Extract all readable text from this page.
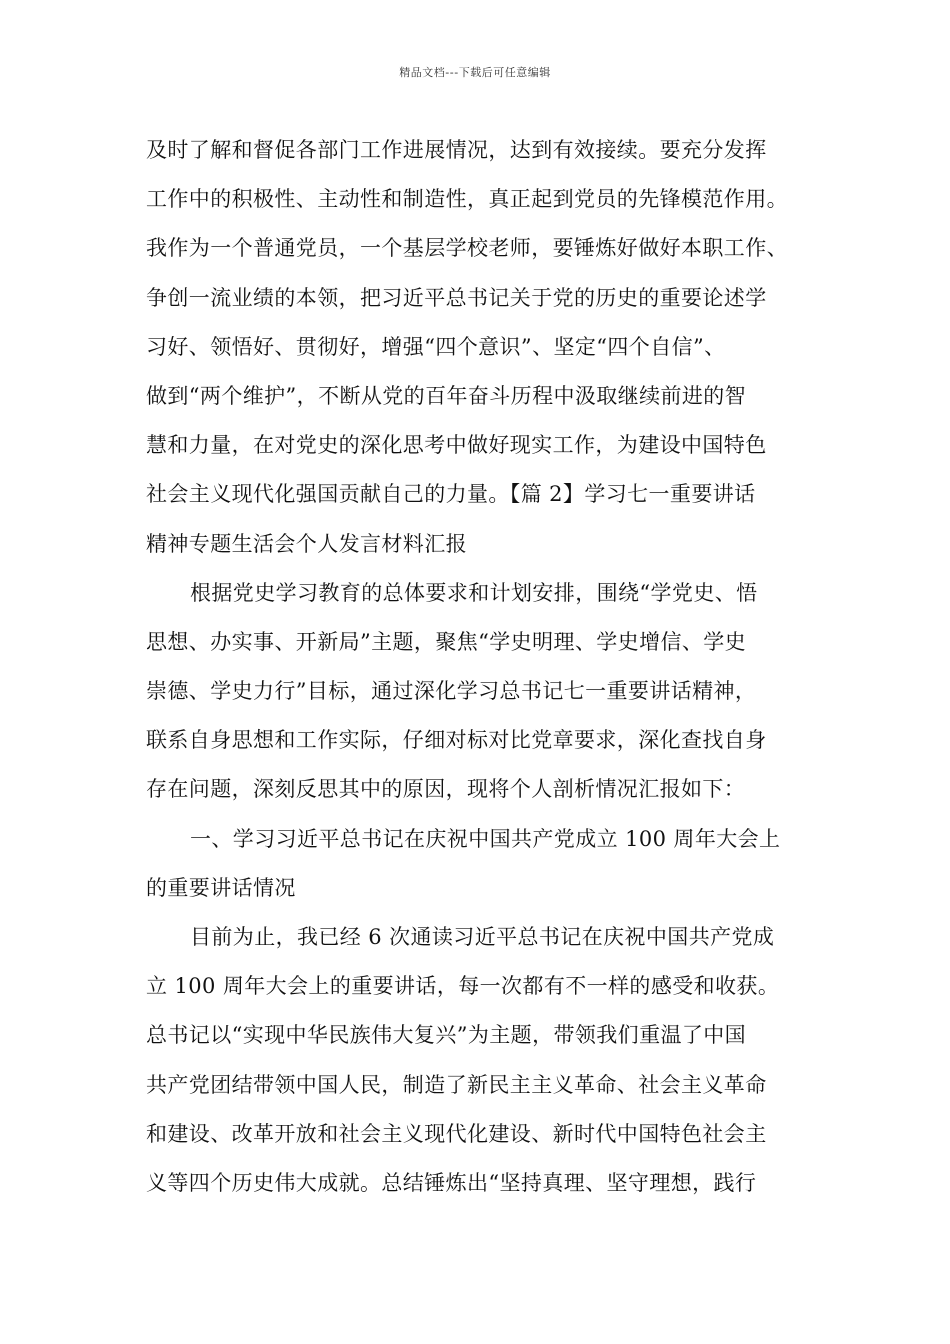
精品文档---下载后可任意编辑
及时了解和督促各部门工作进展情况，达到有效接续。要充分发挥
工作中的积极性、主动性和制造性，真正起到党员的先锋模范作用。
我作为一个普通党员，一个基层学校老师，要锤炼好做好本职工作、
争创一流业绩的本领，把习近平总书记关于党的历史的重要论述学
习好、领悟好、贯彻好，增强“四个意识”、坚定“四个自信”、
做到“两个维护”，不断从党的百年奋斗历程中汲取继续前进的智
慧和力量，在对党史的深化思考中做好现实工作，为建设中国特色
社会主义现代化强国贡献自己的力量。【篇 2】学习七一重要讲话
精神专题生活会个人发言材料汇报
根据党史学习教育的总体要求和计划安排，围绕“学党史、悟
思想、办实事、开新局”主题，聚焦“学史明理、学史增信、学史
崇德、学史力行”目标，通过深化学习总书记七一重要讲话精神，
联系自身思想和工作实际，仔细对标对比党章要求，深化查找自身
存在问题，深刻反思其中的原因，现将个人剖析情况汇报如下：
一、学习习近平总书记在庆祝中国共产党成立 100 周年大会上
的重要讲话情况
目前为止，我已经 6 次通读习近平总书记在庆祝中国共产党成
立 100 周年大会上的重要讲话，每一次都有不一样的感受和收获。
总书记以“实现中华民族伟大复兴”为主题，带领我们重温了中国
共产党团结带领中国人民，制造了新民主主义革命、社会主义革命
和建设、改革开放和社会主义现代化建设、新时代中国特色社会主
义等四个历史伟大成就。总结锤炼出“坚持真理、坚守理想，践行
